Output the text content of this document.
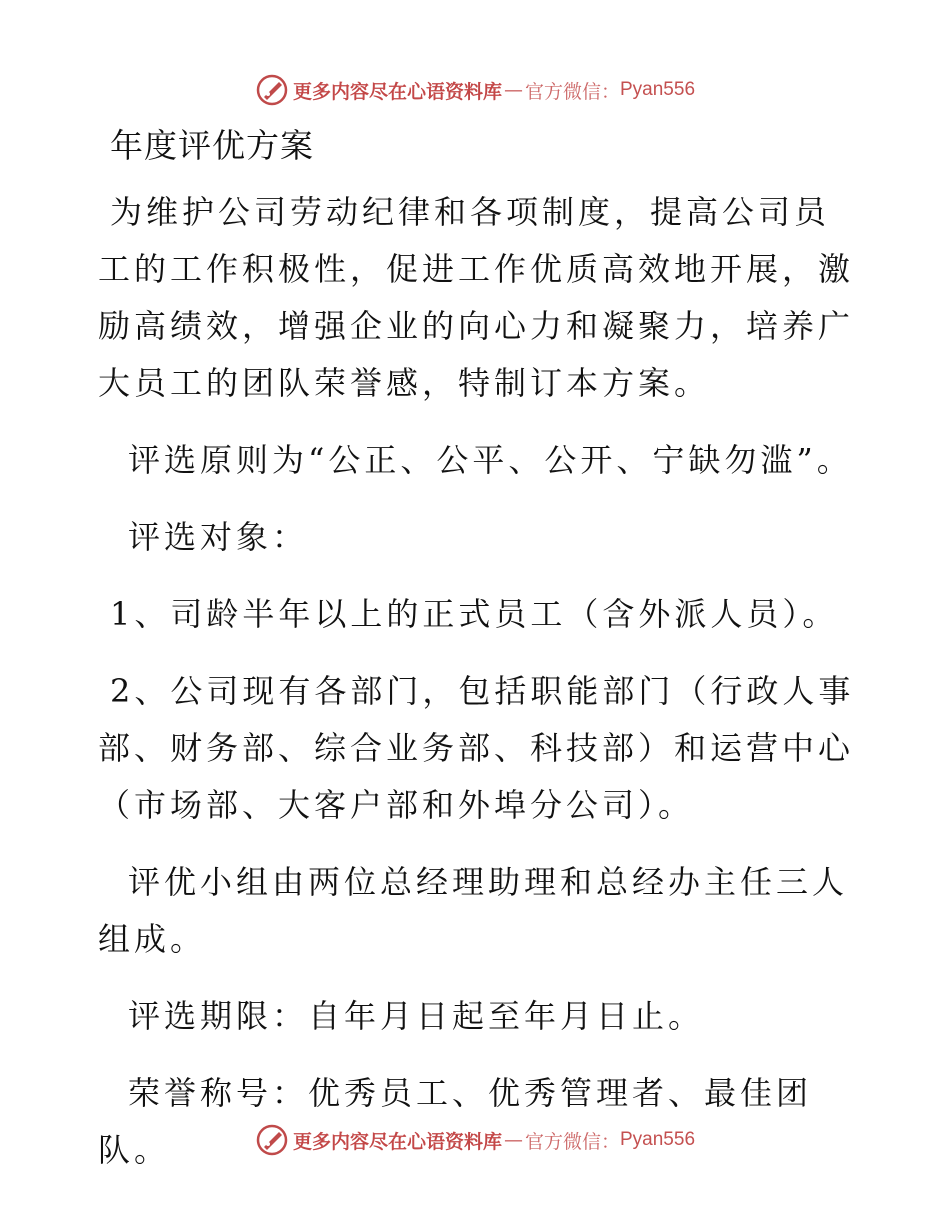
更多内容尽在心语资料库 — 官方微信： Pyan556
年度评优方案

为维护公司劳动纪律和各项制度，提高公司员工的工作积极性，促进工作优质高效地开展，激励高绩效，增强企业的向心力和凝聚力，培养广大员工的团队荣誉感，特制订本方案。

评选原则为“公正、公平、公开、宁缺勿滥”。

评选对象：

1、司龄半年以上的正式员工（含外派人员）。

2、公司现有各部门，包括职能部门（行政人事部、财务部、综合业务部、科技部）和运营中心（市场部、大客户部和外埠分公司）。

评优小组由两位总经理助理和总经办主任三人组成。

评选期限：自年月日起至年月日止。

荣誉称号：优秀员工、优秀管理者、最佳团队。	更多内容尽在心语资料库 — 官方微信： Pyan556
